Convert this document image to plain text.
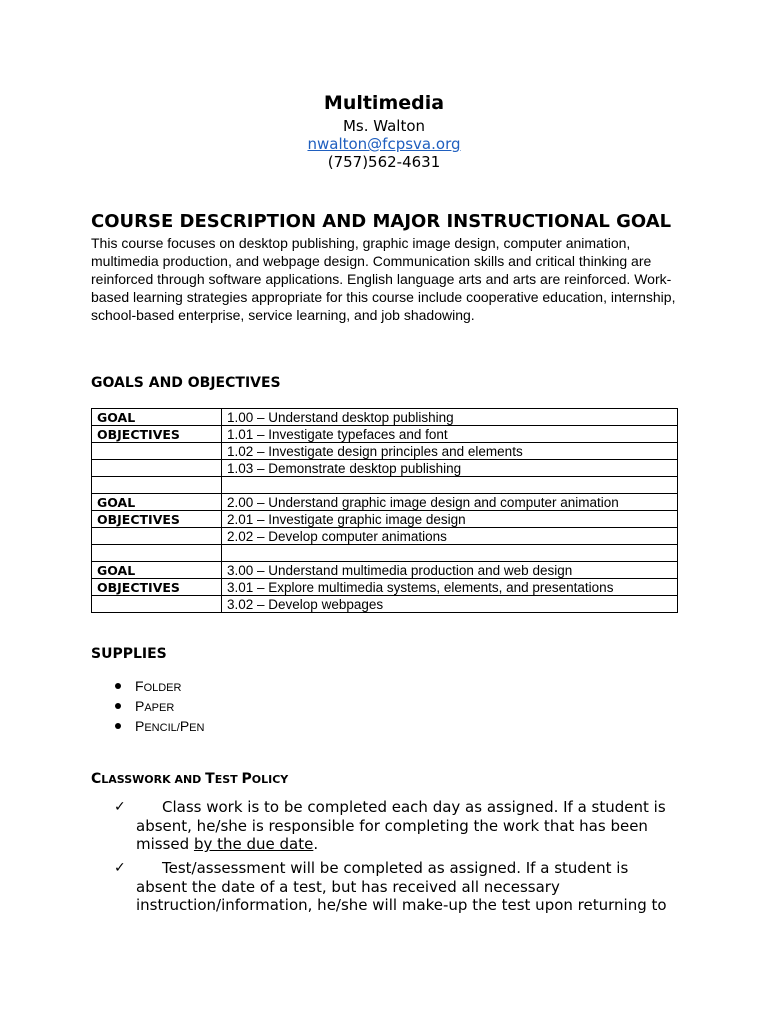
Multimedia
Ms. Walton
nwalton@fcpsva.org
(757)562-4631
COURSE DESCRIPTION AND MAJOR INSTRUCTIONAL GOAL
This course focuses on desktop publishing, graphic image design, computer animation, multimedia production, and webpage design. Communication skills and critical thinking are reinforced through software applications. English language arts and arts are reinforced. Work-based learning strategies appropriate for this course include cooperative education, internship, school-based enterprise, service learning, and job shadowing.
GOALS AND OBJECTIVES
GOAL	1.00 – Understand desktop publishing
OBJECTIVES	1.01 – Investigate typefaces and font
	1.02 – Investigate design principles and elements
	1.03 – Demonstrate desktop publishing

GOAL	2.00 – Understand graphic image design and computer animation
OBJECTIVES	2.01 – Investigate graphic image design
	2.02 – Develop computer animations

GOAL	3.00 – Understand multimedia production and web design
OBJECTIVES	3.01 – Explore multimedia systems, elements, and presentations
	3.02 – Develop webpages
SUPPLIES
FOLDER
PAPER
PENCIL/PEN
CLASSWORK AND TEST POLICY
✓	Class work is to be completed each day as assigned. If a student is absent, he/she is responsible for completing the work that has been missed by the due date.
✓	Test/assessment will be completed as assigned. If a student is absent the date of a test, but has received all necessary instruction/information, he/she will make-up the test upon returning to
